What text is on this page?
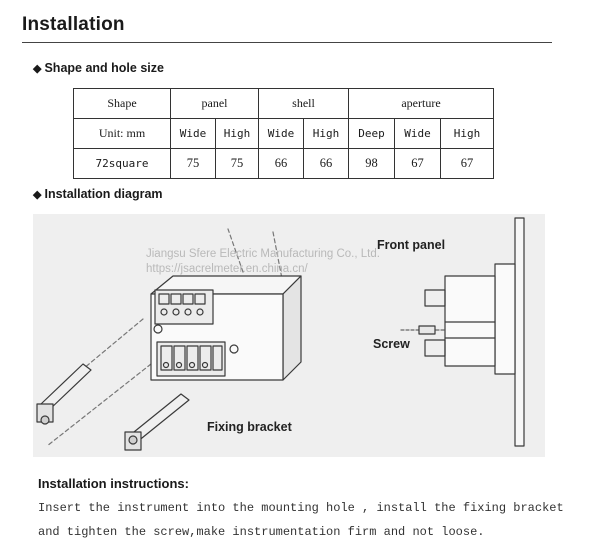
Installation
◆ Shape and hole size
Shape	panel		shell		aperture		
Unit: mm	Wide	High	Wide	High	Deep	Wide	High
72square	75	75	66	66	98	67	67
◆ Installation diagram
Jiangsu Sfere Electric Manufacturing Co., Ltd.
https://jsacrelmeter.en.china.cn/
Front panel
Screw
Fixing bracket
Installation instructions:
Insert the instrument into the mounting hole , install the fixing bracket
and tighten the screw,make instrumentation firm and not loose.
